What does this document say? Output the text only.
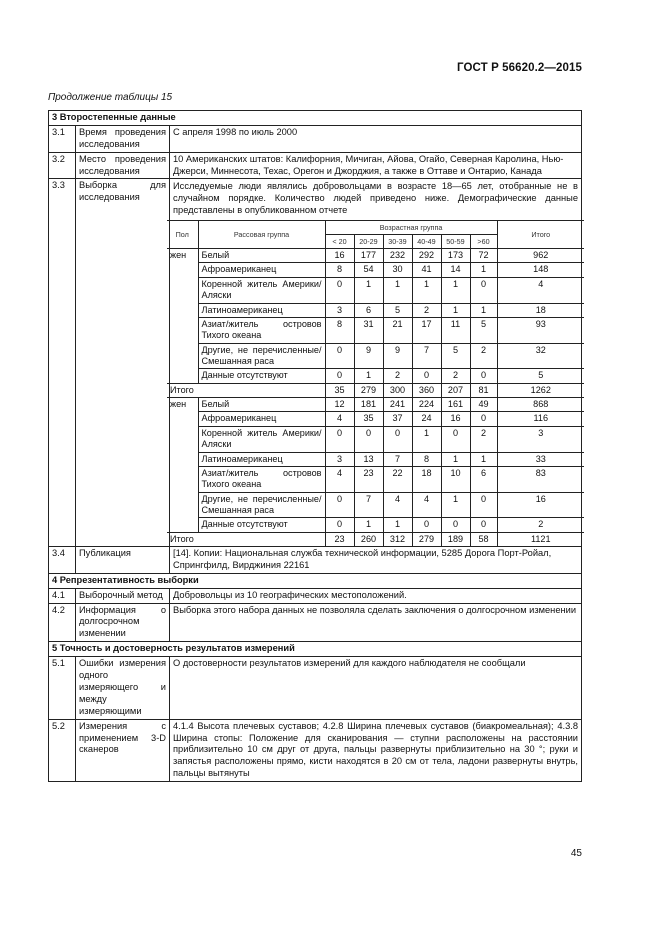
ГОСТ Р 56620.2—2015
Продолжение таблицы 15
3 Второстепенные данные
3.1	Время проведения исследования	С апреля 1998 по июль 2000
3.2	Место проведения исследования	10 Американских штатов: Калифорния, Мичиган, Айова, Огайо, Северная Каролина, Нью-Джерси, Миннесота, Техас, Орегон и Джорджия, а также в Оттаве и Онтарио, Канада
3.3	Выборка для исследования	
Исследуемые люди являлись добровольцами в возрасте 18—65 лет, отобранные не в случайном порядке. Количество людей приведено ниже. Демографические данные представлены в опубликованном отчете
Пол	Рассовая группа	Возрастная группа	Итого
< 20	20-29	30-39	40-49	50-59	>60
жен	Белый	16	177	232	292	173	72	962
Афроамериканец	8	54	30	41	14	1	148
Коренной житель Америки/Аляски	0	1	1	1	1	0	4
Латиноамериканец	3	6	5	2	1	1	18
Азиат/житель островов Тихого океана	8	31	21	17	11	5	93
Другие, не перечисленные/Смешанная раса	0	9	9	7	5	2	32
Данные отсутствуют	0	1	2	0	2	0	5
Итого	35	279	300	360	207	81	1262
жен	Белый	12	181	241	224	161	49	868
Афроамериканец	4	35	37	24	16	0	116
Коренной житель Америки/Аляски	0	0	0	1	0	2	3
Латиноамериканец	3	13	7	8	1	1	33
Азиат/житель островов Тихого океана	4	23	22	18	10	6	83
Другие, не перечисленные/Смешанная раса	0	7	4	4	1	0	16
Данные отсутствуют	0	1	1	0	0	0	2
Итого	23	260	312	279	189	58	1121

3.4	Публикация	[14]. Копии: Национальная служба технической информации, 5285 Дорога Порт-Ройал, Спрингфилд, Вирджиния 22161
4 Репрезентативность выборки
4.1	Выборочный метод	Добровольцы из 10 географических местоположений.
4.2	Информация о долгосрочном изменении	Выборка этого набора данных не позволяла сделать заключения о долгосрочном изменении
5 Точность и достоверность результатов измерений
5.1	Ошибки измерения одного измеряющего и между измеряющими	О достоверности результатов измерений для каждого наблюдателя не сообщали
5.2	Измерения с применением 3-D сканеров	4.1.4 Высота плечевых суставов; 4.2.8 Ширина плечевых суставов (биакромеальная); 4.3.8 Ширина стопы: Положение для сканирования — ступни расположены на расстоянии приблизительно 10 см друг от друга, пальцы развернуты приблизительно на 30 °; руки и запястья расположены прямо, кисти находятся в 20 см от тела, ладони развернуты внутрь, пальцы вытянуты
45
